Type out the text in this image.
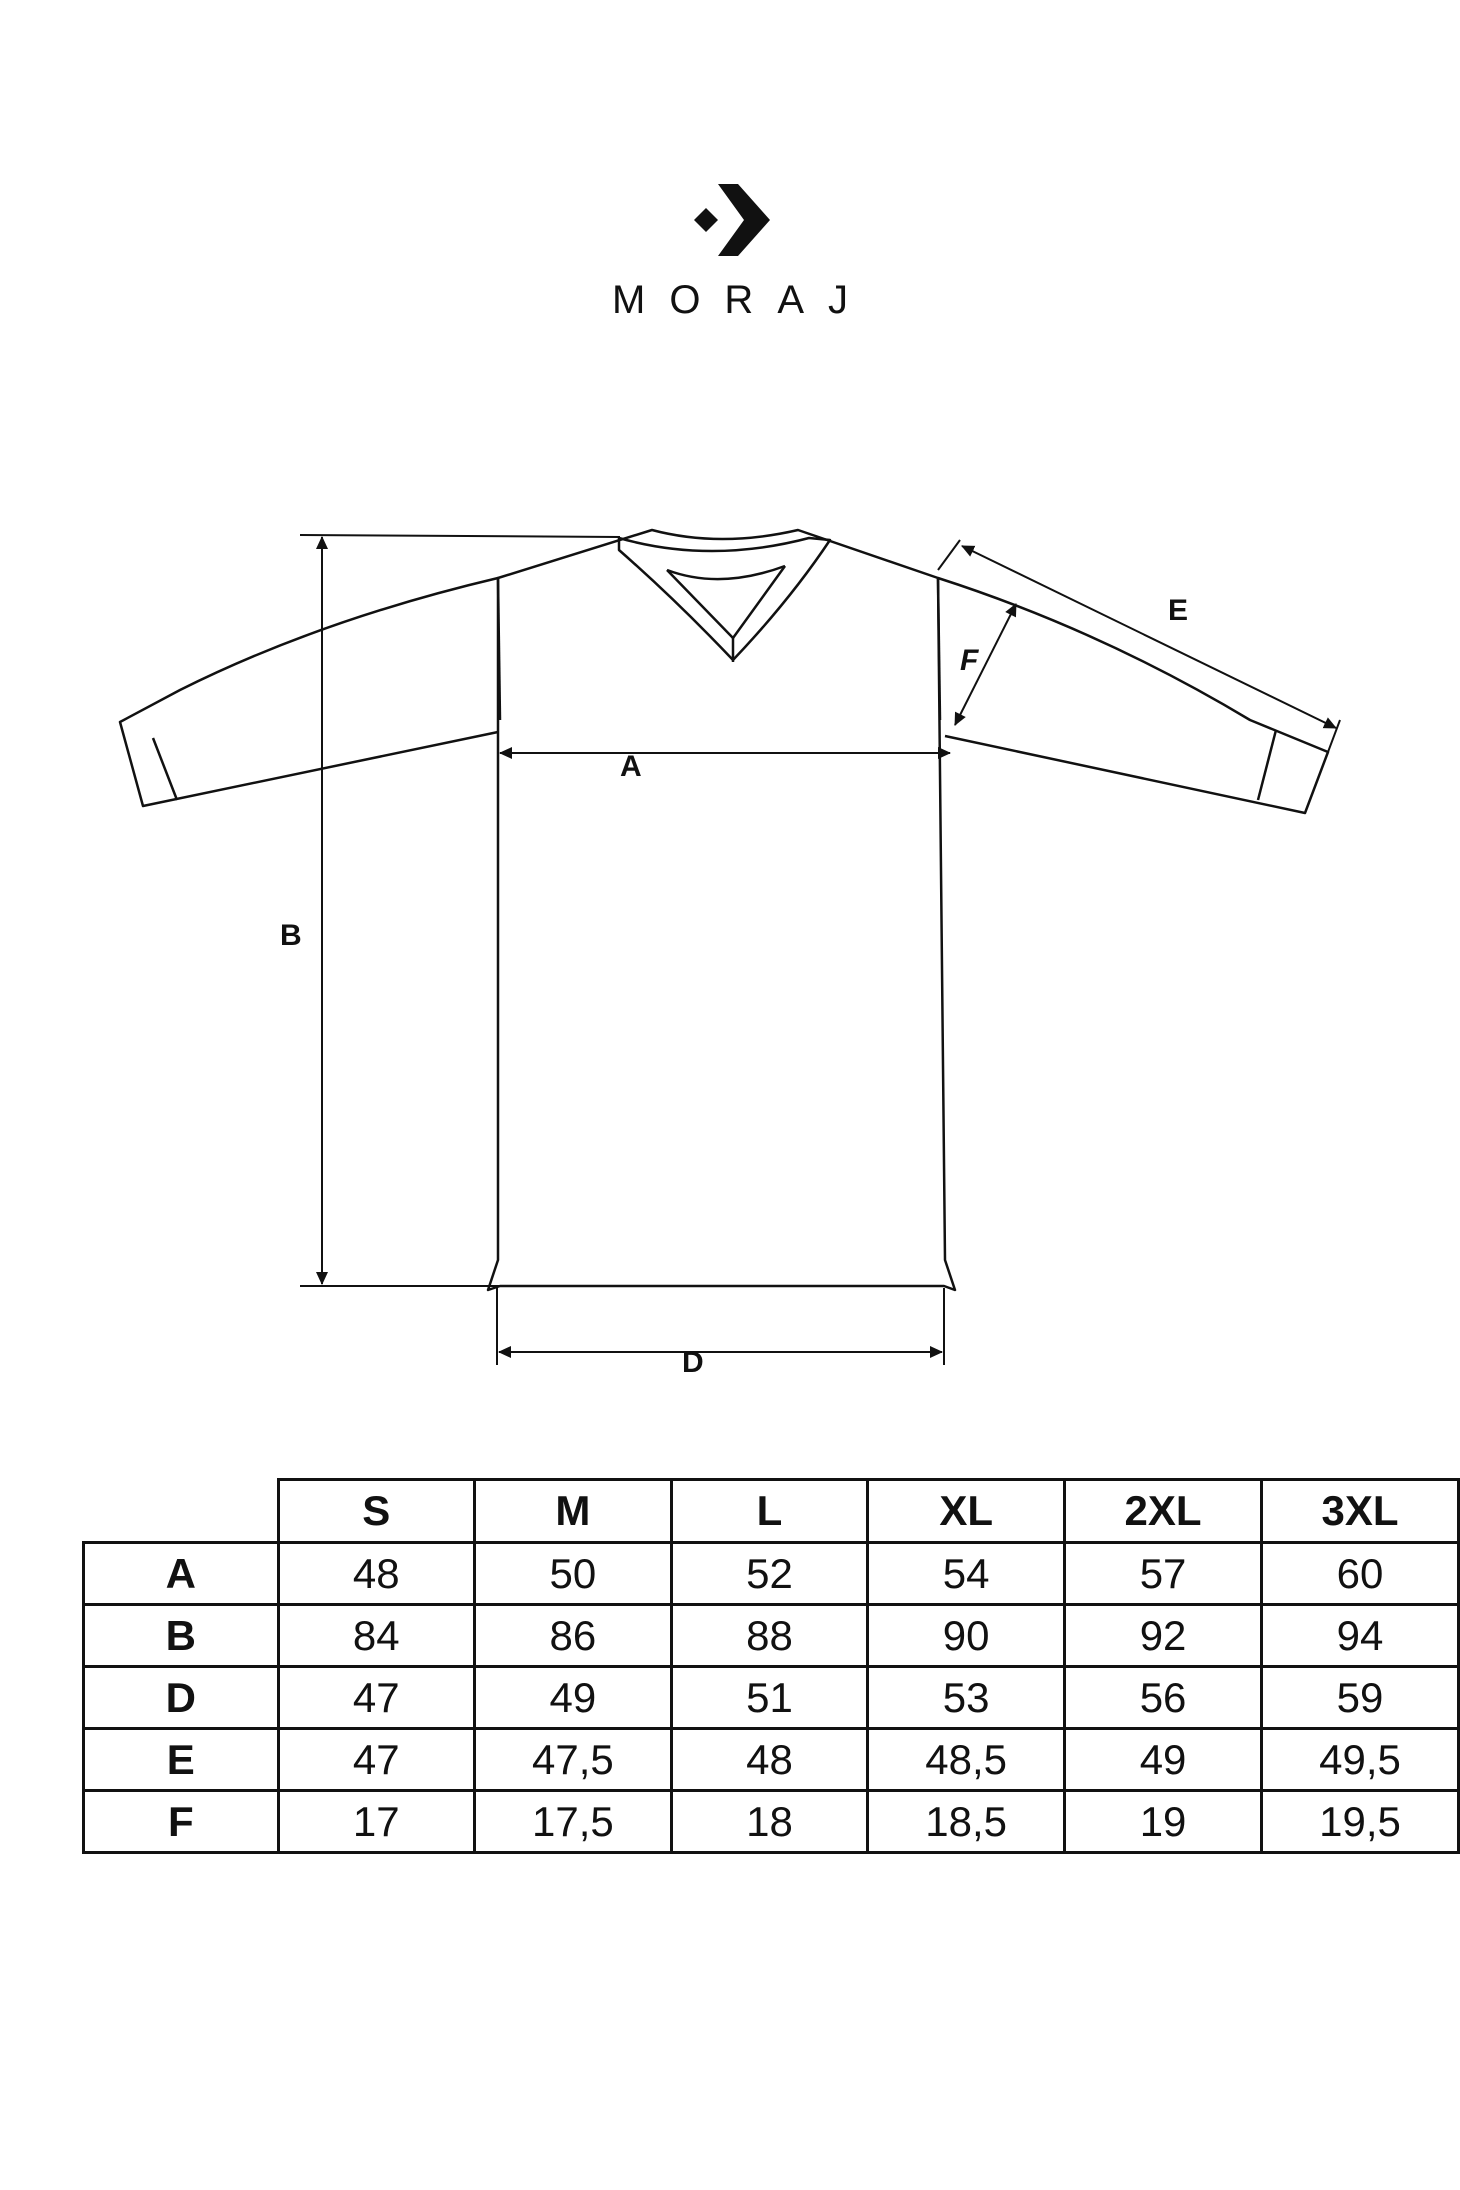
MORAJ
A
B
D
E
F
	S	M	L	XL	2XL	3XL
A	48	50	52	54	57	60
B	84	86	88	90	92	94
D	47	49	51	53	56	59
E	47	47,5	48	48,5	49	49,5
F	17	17,5	18	18,5	19	19,5
